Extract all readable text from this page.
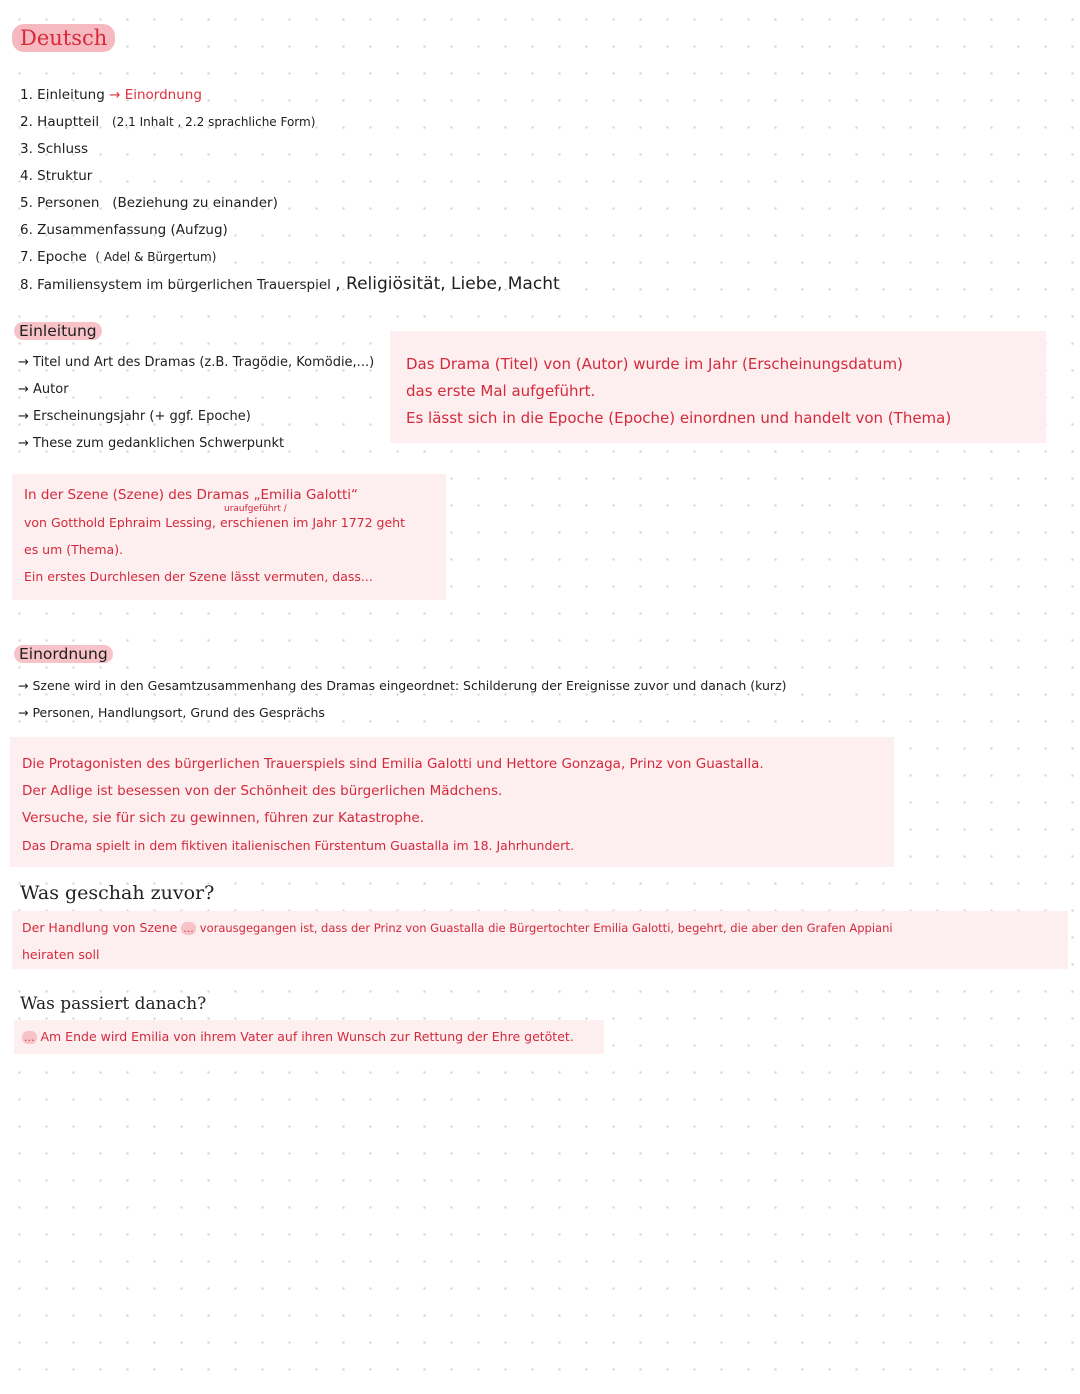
Deutsch
1. Einleitung → Einordnung
2. Hauptteil (2.1 Inhalt , 2.2 sprachliche Form)
3. Schluss
4. Struktur
5. Personen (Beziehung zu einander)
6. Zusammenfassung (Aufzug)
7. Epoche ( Adel & Bürgertum)
8. Familiensystem im bürgerlichen Trauerspiel , Religiösität, Liebe, Macht
Einleitung
→ Titel und Art des Dramas (z.B. Tragödie, Komödie,...)
→ Autor
→ Erscheinungsjahr (+ ggf. Epoche)
→ These zum gedanklichen Schwerpunkt

Das Drama (Titel) von (Autor) wurde im Jahr (Erscheinungsdatum)

das erste Mal aufgeführt.

Es lässt sich in die Epoche (Epoche) einordnen und handelt von (Thema)

In der Szene (Szene) des Dramas „Emilia Galotti“

uraufgeführt /

von Gotthold Ephraim Lessing, erschienen im Jahr 1772 geht

es um (Thema).

Ein erstes Durchlesen der Szene lässt vermuten, dass...

Einordnung
→ Szene wird in den Gesamtzusammenhang des Dramas eingeordnet: Schilderung der Ereignisse zuvor und danach (kurz)
→ Personen, Handlungsort, Grund des Gesprächs

Die Protagonisten des bürgerlichen Trauerspiels sind Emilia Galotti und Hettore Gonzaga, Prinz von Guastalla.

Der Adlige ist besessen von der Schönheit des bürgerlichen Mädchens.

Versuche, sie für sich zu gewinnen, führen zur Katastrophe.

Das Drama spielt in dem fiktiven italienischen Fürstentum Guastalla im 18. Jahrhundert.

Was geschah zuvor?

Der Handlung von Szene ... vorausgegangen ist, dass der Prinz von Guastalla die Bürgertochter Emilia Galotti, begehrt, die aber den Grafen Appiani

heiraten soll

Was passiert danach?
... Am Ende wird Emilia von ihrem Vater auf ihren Wunsch zur Rettung der Ehre getötet.
